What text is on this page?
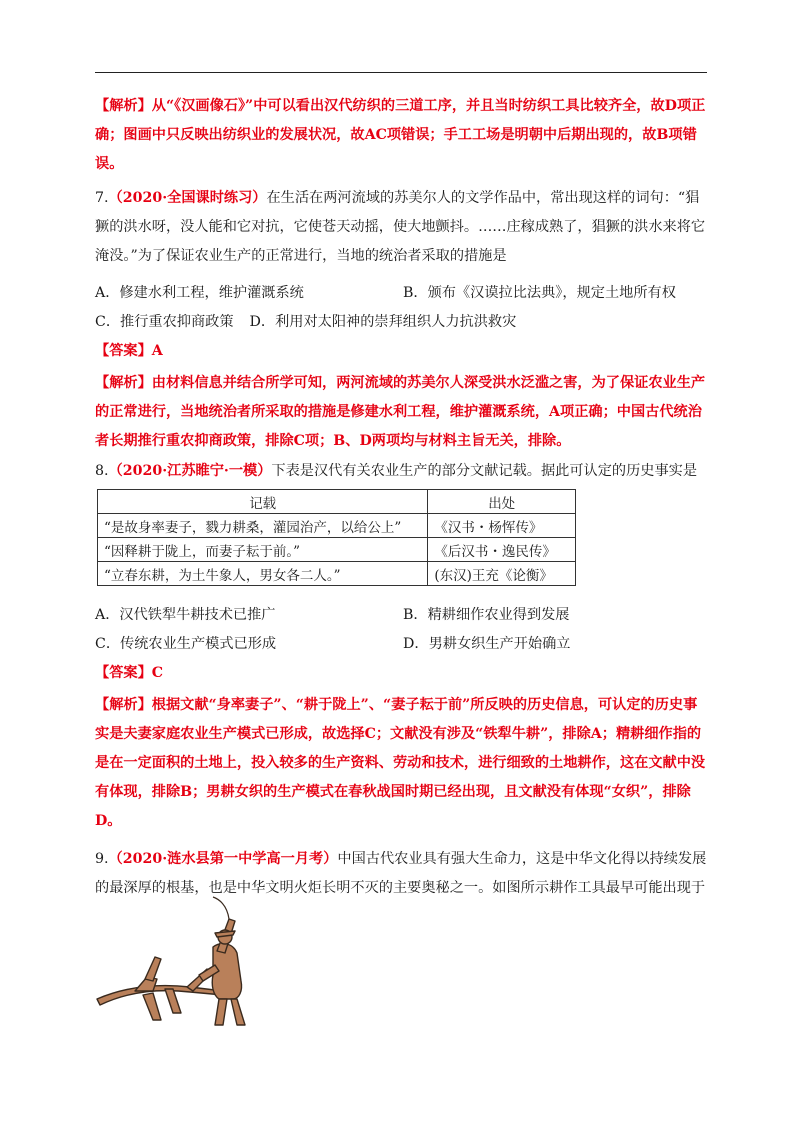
【解析】从“《汉画像石》”中可以看出汉代纺织的三道工序，并且当时纺织工具比较齐全，故D项正确；图画中只反映出纺织业的发展状况，故AC项错误；手工工场是明朝中后期出现的，故B项错误。
7.（2020·全国课时练习）在生活在两河流域的苏美尔人的文学作品中，常出现这样的词句：“猖獗的洪水呀，没人能和它对抗，它使苍天动摇，使大地颤抖。……庄稼成熟了，猖獗的洪水来将它淹没。”为了保证农业生产的正常进行，当地的统治者采取的措施是
A．修建水利工程，维护灌溉系统	B．颁布《汉谟拉比法典》，规定土地所有权
C．推行重农抑商政策 D．利用对太阳神的崇拜组织人力抗洪救灾
【答案】A
【解析】由材料信息并结合所学可知，两河流域的苏美尔人深受洪水泛滥之害，为了保证农业生产的正常进行，当地统治者所采取的措施是修建水利工程，维护灌溉系统，A项正确；中国古代统治者长期推行重农抑商政策，排除C项；B、D两项均与材料主旨无关，排除。
8.（2020·江苏睢宁·一模）下表是汉代有关农业生产的部分文献记载。据此可认定的历史事实是
记载	出处
“是故身率妻子，戮力耕桑，灌园治产，以给公上”	《汉书・杨恽传》
“因释耕于陇上，而妻子耘于前。”	《后汉书・逸民传》
“立春东耕，为土牛象人，男女各二人。”	(东汉)王充《论衡》
A．汉代铁犁牛耕技术已推广	B．精耕细作农业得到发展
C．传统农业生产模式已形成	D．男耕女织生产开始确立
【答案】C
【解析】根据文献“身率妻子”、“耕于陇上”、“妻子耘于前”所反映的历史信息，可认定的历史事实是夫妻家庭农业生产模式已形成，故选择C；文献没有涉及“铁犁牛耕”，排除A；精耕细作指的是在一定面积的土地上，投入较多的生产资料、劳动和技术，进行细致的土地耕作，这在文献中没有体现，排除B；男耕女织的生产模式在春秋战国时期已经出现，且文献没有体现“女织”，排除D。
9.（2020·涟水县第一中学高一月考）中国古代农业具有强大生命力，这是中华文化得以持续发展的最深厚的根基，也是中华文明火炬长明不灭的主要奥秘之一。如图所示耕作工具最早可能出现于
